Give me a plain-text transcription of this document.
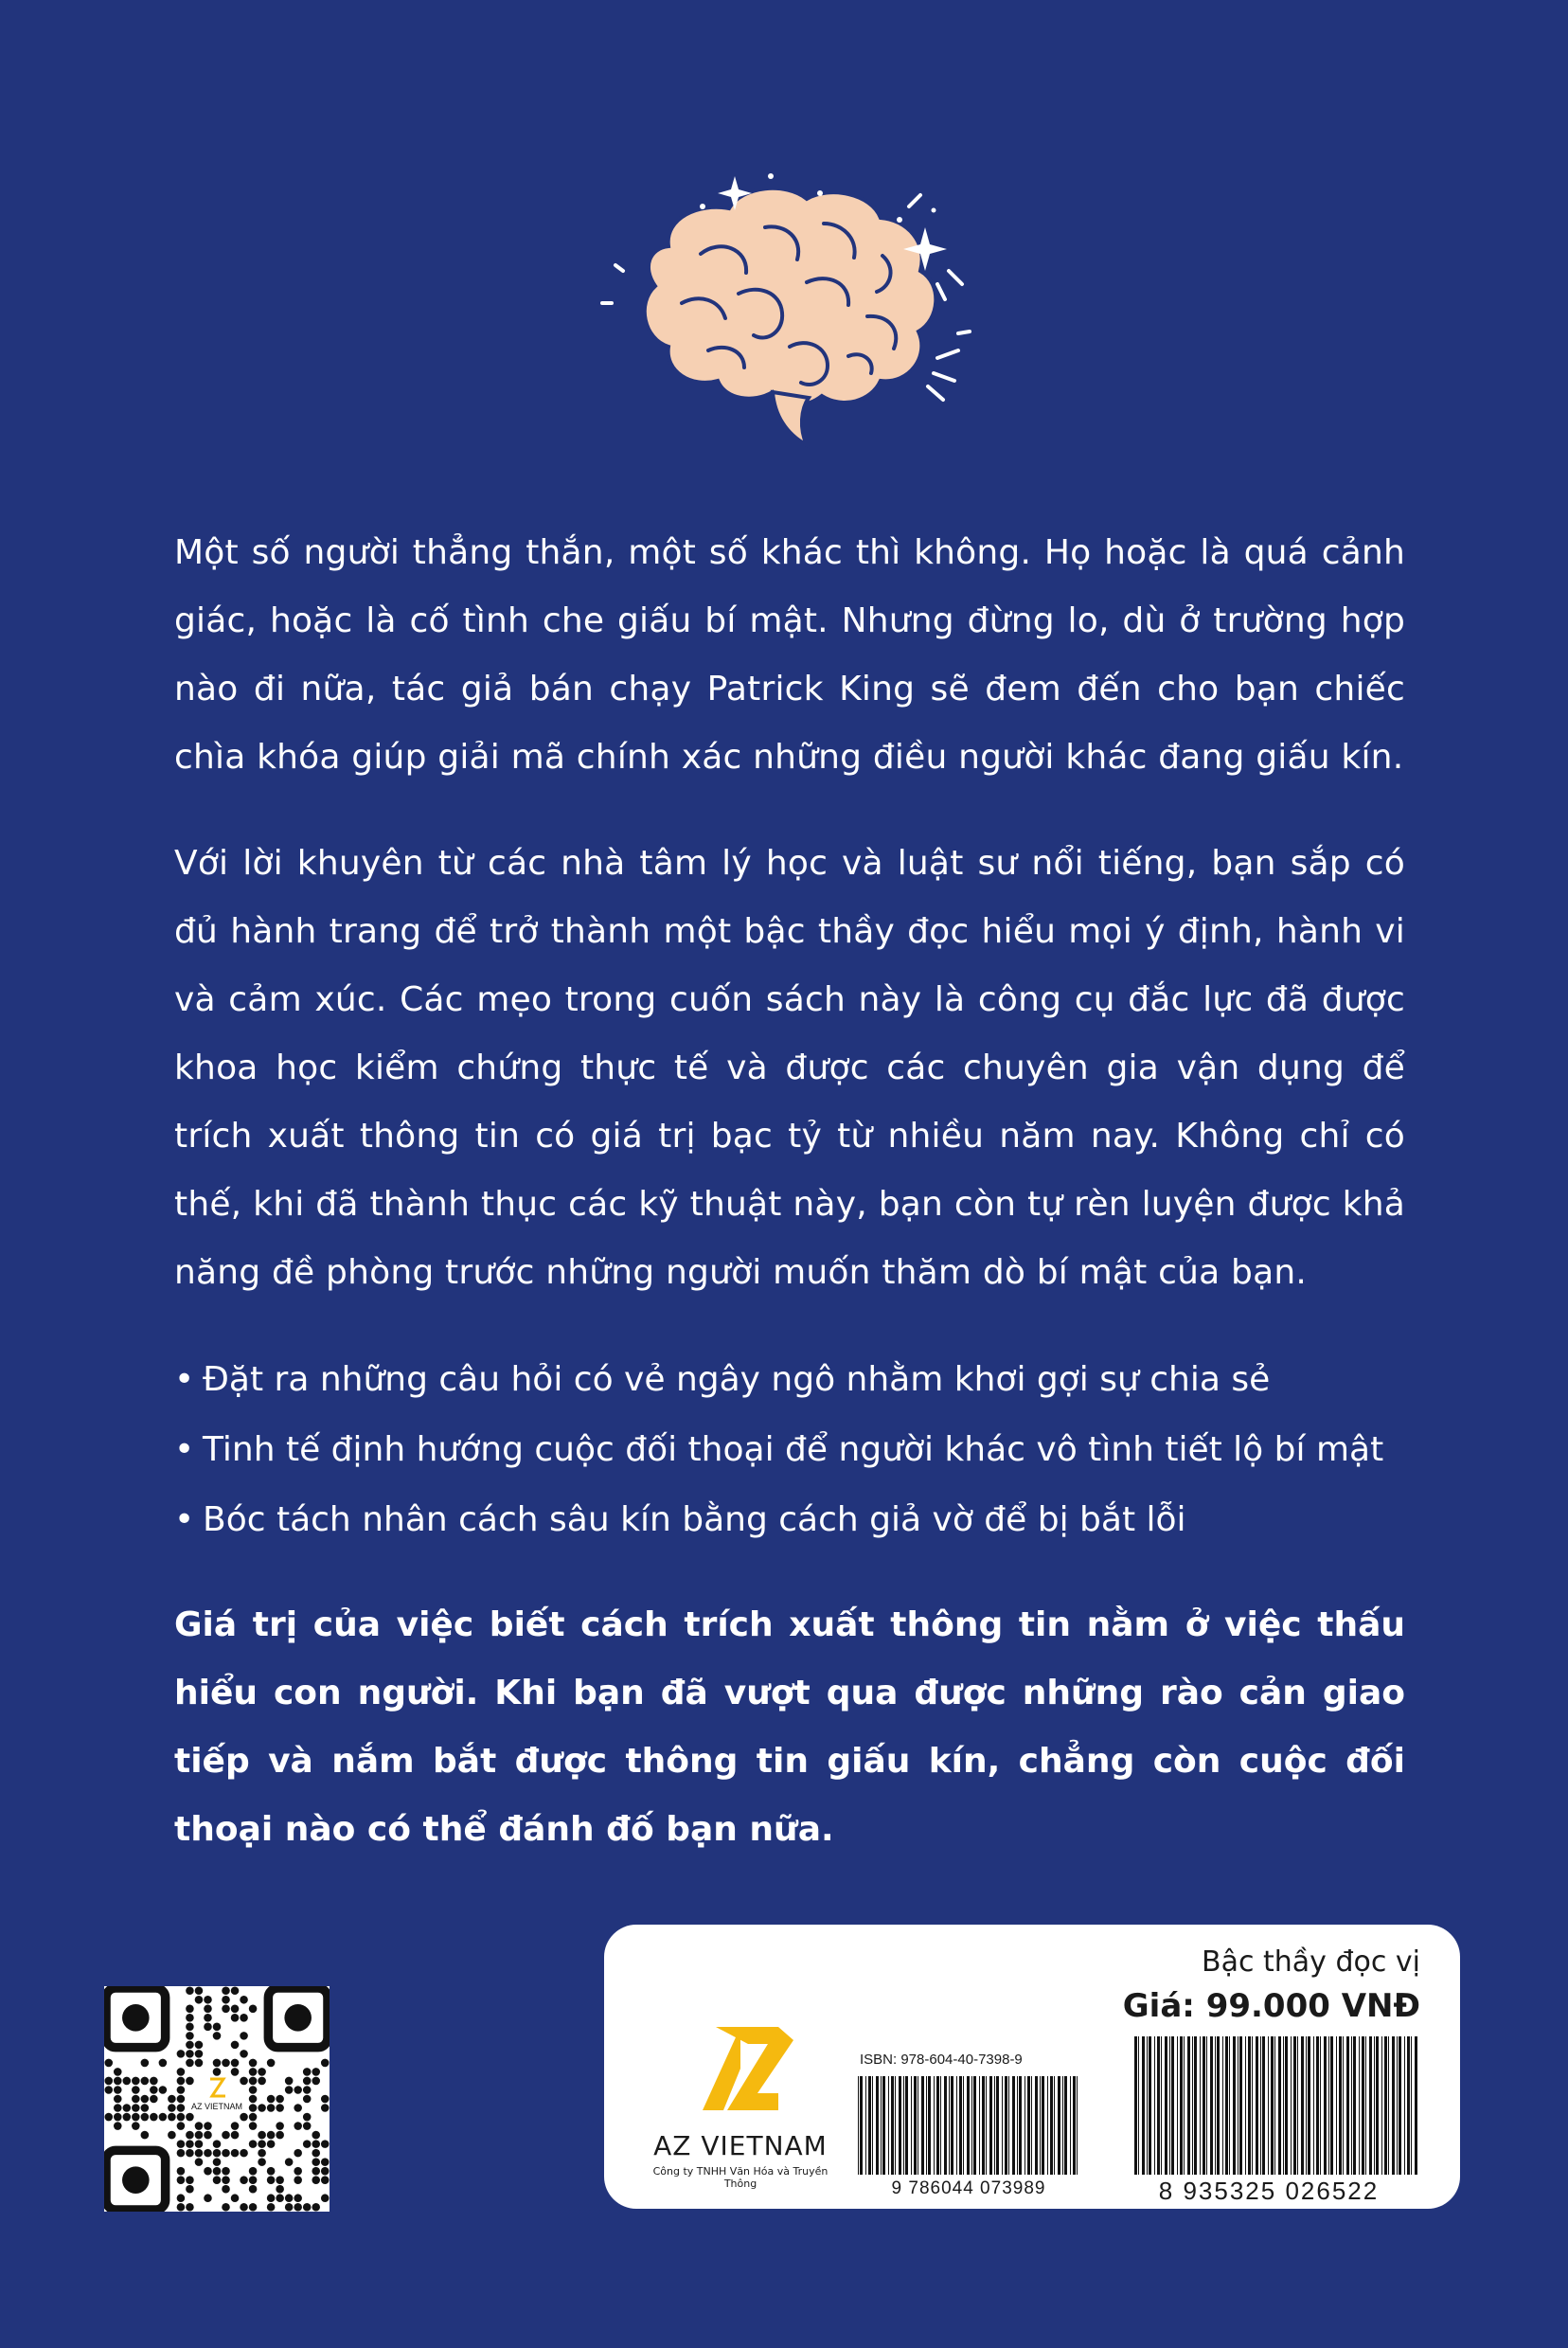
Một số người thẳng thắn, một số khác thì không. Họ hoặc là quá cảnh giác, hoặc là cố tình che giấu bí mật. Nhưng đừng lo, dù ở trường hợp nào đi nữa, tác giả bán chạy Patrick King sẽ đem đến cho bạn chiếc chìa khóa giúp giải mã chính xác những điều người khác đang giấu kín.

Với lời khuyên từ các nhà tâm lý học và luật sư nổi tiếng, bạn sắp có đủ hành trang để trở thành một bậc thầy đọc hiểu mọi ý định, hành vi và cảm xúc. Các mẹo trong cuốn sách này là công cụ đắc lực đã được khoa học kiểm chứng thực tế và được các chuyên gia vận dụng để trích xuất thông tin có giá trị bạc tỷ từ nhiều năm nay. Không chỉ có thế, khi đã thành thục các kỹ thuật này, bạn còn tự rèn luyện được khả năng đề phòng trước những người muốn thăm dò bí mật của bạn.

• Đặt ra những câu hỏi có vẻ ngây ngô nhằm khơi gợi sự chia sẻ
• Tinh tế định hướng cuộc đối thoại để người khác vô tình tiết lộ bí mật
• Bóc tách nhân cách sâu kín bằng cách giả vờ để bị bắt lỗi

Giá trị của việc biết cách trích xuất thông tin nằm ở việc thấu hiểu con người. Khi bạn đã vượt qua được những rào cản giao tiếp và nắm bắt được thông tin giấu kín, chẳng còn cuộc đối thoại nào có thể đánh đố bạn nữa.

AZ VIETNAM
Bậc thầy đọc vị
Giá: 99.000 VNĐ
AZ VIETNAM
Công ty TNHH Văn Hóa và Truyền Thông
ISBN: 978-604-40-7398-9
9 786044 073989	8 935325 026522
